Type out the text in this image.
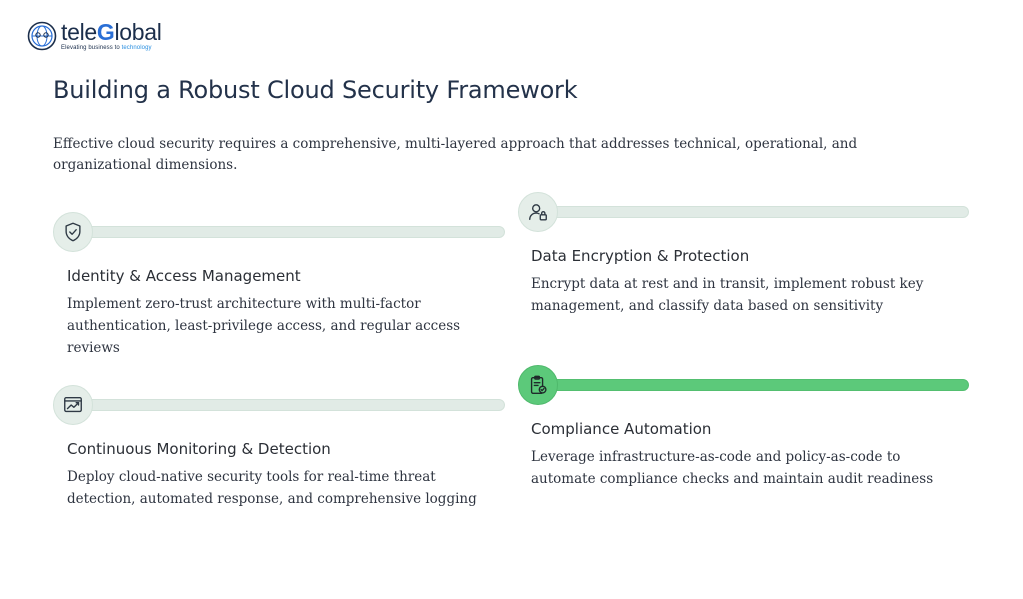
teleGlobal
Elevating business to technology
Building a Robust Cloud Security Framework

Effective cloud security requires a comprehensive, multi-layered approach that addresses technical, operational, and organizational dimensions.

Identity & Access Management
Implement zero-trust architecture with multi-factor authentication, least-privilege access, and regular access reviews
Data Encryption & Protection
Encrypt data at rest and in transit, implement robust key management, and classify data based on sensitivity
Continuous Monitoring & Detection
Deploy cloud-native security tools for real-time threat detection, automated response, and comprehensive logging
Compliance Automation
Leverage infrastructure-as-code and policy-as-code to automate compliance checks and maintain audit readiness
